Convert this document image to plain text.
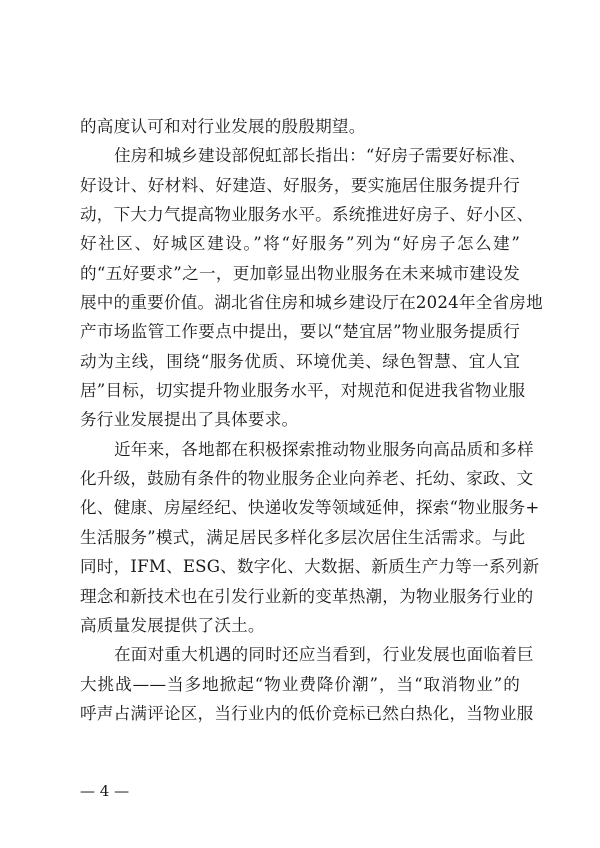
的高度认可和对行业发展的殷殷期望。
住房和城乡建设部倪虹部长指出：“好房子需要好标准、
好设计、好材料、好建造、好服务，要实施居住服务提升行
动，下大力气提高物业服务水平。系统推进好房子、好小区、
好社区、好城区建设。”将“好服务”列为“好房子怎么建”
的“五好要求”之一，更加彰显出物业服务在未来城市建设发
展中的重要价值。湖北省住房和城乡建设厅在2024年全省房地
产市场监管工作要点中提出，要以“楚宜居”物业服务提质行
动为主线，围绕“服务优质、环境优美、绿色智慧、宜人宜
居”目标，切实提升物业服务水平，对规范和促进我省物业服
务行业发展提出了具体要求。
近年来，各地都在积极探索推动物业服务向高品质和多样
化升级，鼓励有条件的物业服务企业向养老、托幼、家政、文
化、健康、房屋经纪、快递收发等领域延伸，探索“物业服务+
生活服务”模式，满足居民多样化多层次居住生活需求。与此
同时，IFM、ESG、数字化、大数据、新质生产力等一系列新
理念和新技术也在引发行业新的变革热潮，为物业服务行业的
高质量发展提供了沃土。
在面对重大机遇的同时还应当看到，行业发展也面临着巨
大挑战——当多地掀起“物业费降价潮”，当“取消物业”的
呼声占满评论区，当行业内的低价竞标已然白热化，当物业服
— 4 —
